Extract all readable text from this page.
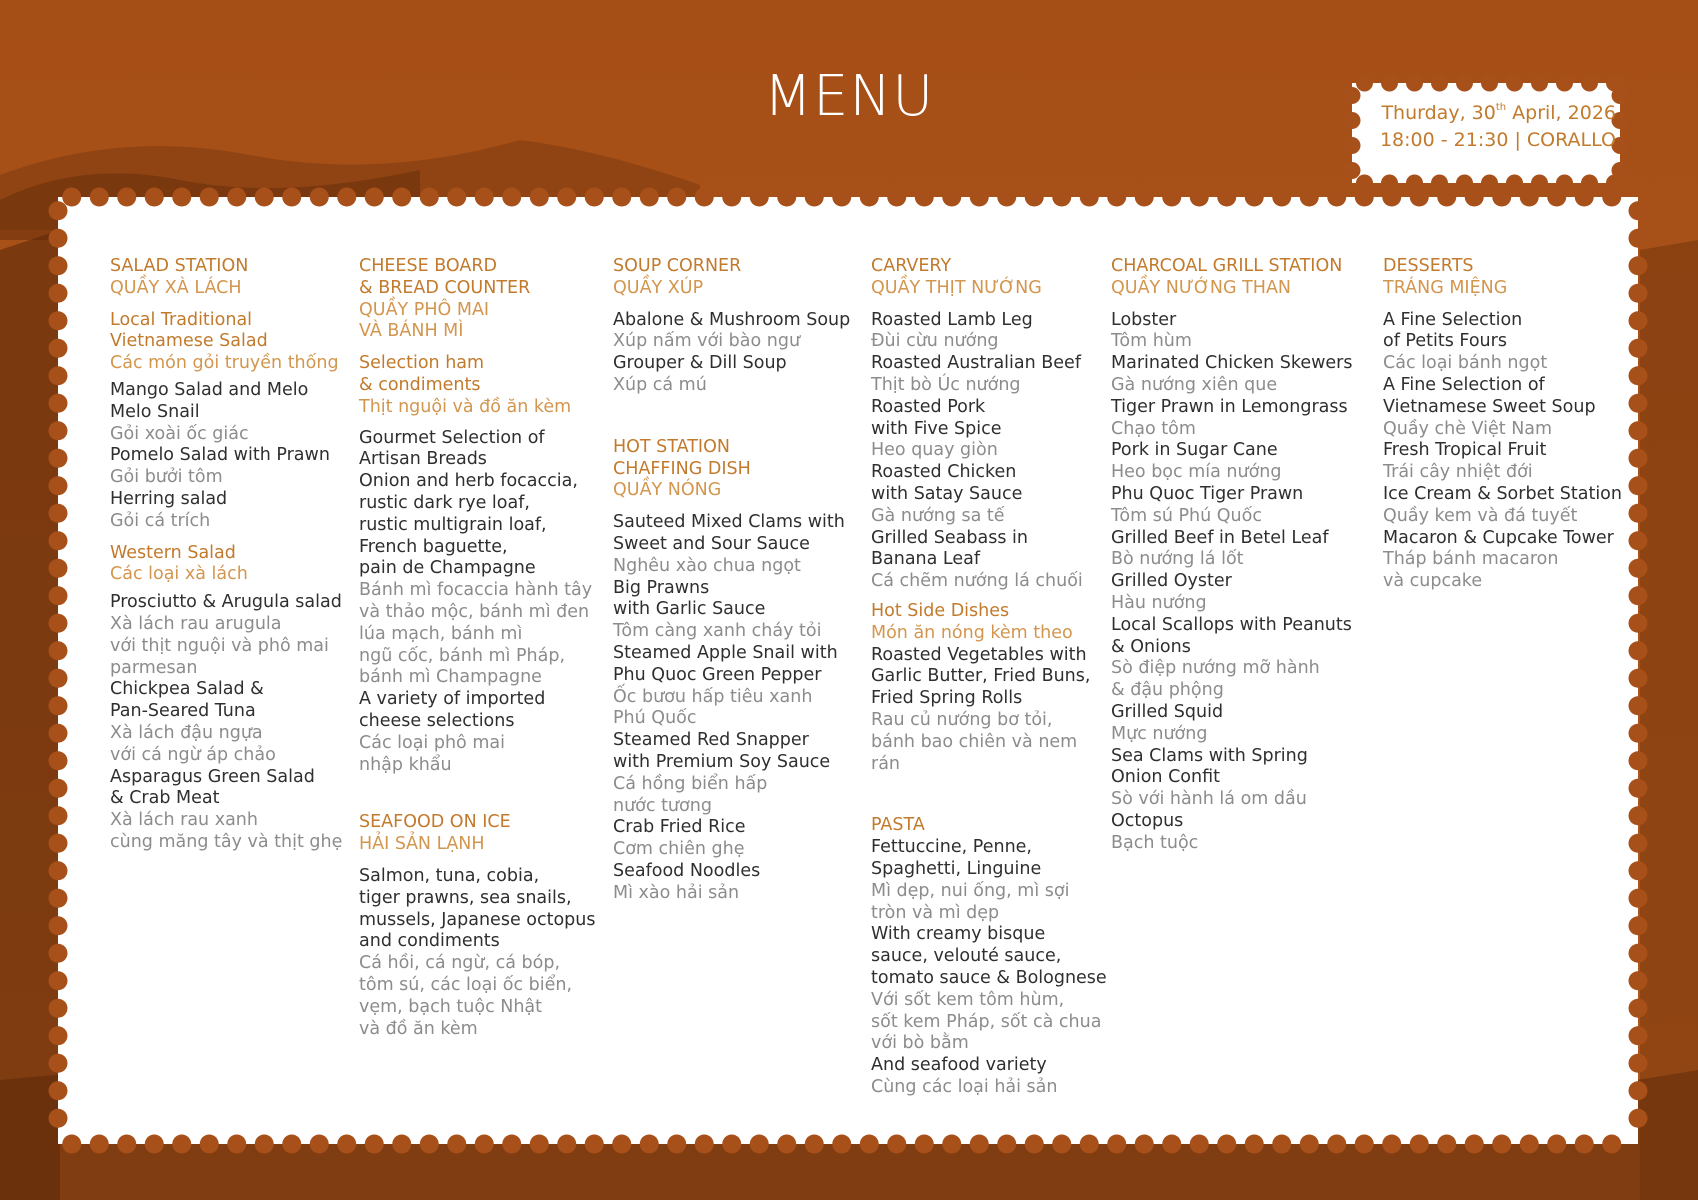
MENU	Thurday, 30th April, 2026
18:00 - 21:30 | CORALLO
SALAD STATION
QUẦY XÀ LÁCH
Local Traditional
Vietnamese Salad
Các món gỏi truyền thống
Mango Salad and Melo
Melo Snail
Gỏi xoài ốc giác
Pomelo Salad with Prawn
Gỏi bưởi tôm
Herring salad
Gỏi cá trích
Western Salad
Các loại xà lách
Prosciutto & Arugula salad
Xà lách rau arugula
với thịt nguội và phô mai
parmesan
Chickpea Salad &
Pan-Seared Tuna
Xà lách đậu ngựa
với cá ngừ áp chảo
Asparagus Green Salad
& Crab Meat
Xà lách rau xanh
cùng măng tây và thịt ghẹ
CHEESE BOARD
& BREAD COUNTER
QUẦY PHÔ MAI
VÀ BÁNH MÌ
Selection ham
& condiments
Thịt nguội và đồ ăn kèm
Gourmet Selection of
Artisan Breads
Onion and herb focaccia,
rustic dark rye loaf,
rustic multigrain loaf,
French baguette,
pain de Champagne
Bánh mì focaccia hành tây
và thảo mộc, bánh mì đen
lúa mạch, bánh mì
ngũ cốc, bánh mì Pháp,
bánh mì Champagne
A variety of imported
cheese selections
Các loại phô mai
nhập khẩu
SEAFOOD ON ICE
HẢI SẢN LẠNH
Salmon, tuna, cobia,
tiger prawns, sea snails,
mussels, Japanese octopus
and condiments
Cá hồi, cá ngừ, cá bóp,
tôm sú, các loại ốc biển,
vẹm, bạch tuộc Nhật
và đồ ăn kèm
SOUP CORNER
QUẦY XÚP
Abalone & Mushroom Soup
Xúp nấm với bào ngư
Grouper & Dill Soup
Xúp cá mú
HOT STATION
CHAFFING DISH
QUẦY NÓNG
Sauteed Mixed Clams with
Sweet and Sour Sauce
Nghêu xào chua ngọt
Big Prawns
with Garlic Sauce
Tôm càng xanh cháy tỏi
Steamed Apple Snail with
Phu Quoc Green Pepper
Ốc bươu hấp tiêu xanh
Phú Quốc
Steamed Red Snapper
with Premium Soy Sauce
Cá hồng biển hấp
nước tương
Crab Fried Rice
Cơm chiên ghẹ
Seafood Noodles
Mì xào hải sản
CARVERY
QUẦY THỊT NƯỚNG
Roasted Lamb Leg
Đùi cừu nướng
Roasted Australian Beef
Thịt bò Úc nướng
Roasted Pork
with Five Spice
Heo quay giòn
Roasted Chicken
with Satay Sauce
Gà nướng sa tế
Grilled Seabass in
Banana Leaf
Cá chẽm nướng lá chuối
Hot Side Dishes
Món ăn nóng kèm theo
Roasted Vegetables with
Garlic Butter, Fried Buns,
Fried Spring Rolls
Rau củ nướng bơ tỏi,
bánh bao chiên và nem rán
PASTA
Fettuccine, Penne,
Spaghetti, Linguine
Mì dẹp, nui ống, mì sợi
tròn và mì dẹp
With creamy bisque
sauce, velouté sauce,
tomato sauce & Bolognese
Với sốt kem tôm hùm,
sốt kem Pháp, sốt cà chua
với bò bằm
And seafood variety
Cùng các loại hải sản
CHARCOAL GRILL STATION
QUẦY NƯỚNG THAN
Lobster
Tôm hùm
Marinated Chicken Skewers
Gà nướng xiên que
Tiger Prawn in Lemongrass
Chạo tôm
Pork in Sugar Cane
Heo bọc mía nướng
Phu Quoc Tiger Prawn
Tôm sú Phú Quốc
Grilled Beef in Betel Leaf
Bò nướng lá lốt
Grilled Oyster
Hàu nướng
Local Scallops with Peanuts
& Onions
Sò điệp nướng mỡ hành
& đậu phộng
Grilled Squid
Mực nướng
Sea Clams with Spring
Onion Confit
Sò với hành lá om dầu
Octopus
Bạch tuộc
DESSERTS
TRÁNG MIỆNG
A Fine Selection
of Petits Fours
Các loại bánh ngọt
A Fine Selection of
Vietnamese Sweet Soup
Quầy chè Việt Nam
Fresh Tropical Fruit
Trái cây nhiệt đới
Ice Cream & Sorbet Station
Quầy kem và đá tuyết
Macaron & Cupcake Tower
Tháp bánh macaron
và cupcake
